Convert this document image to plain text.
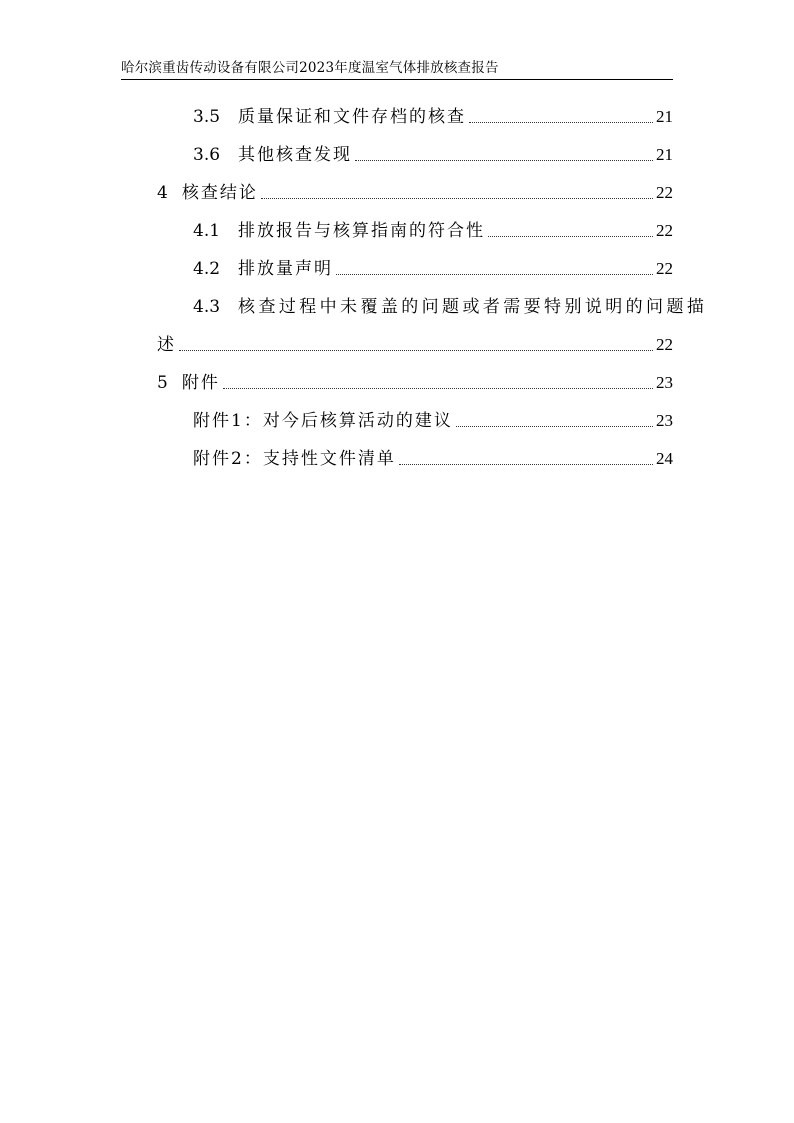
哈尔滨重齿传动设备有限公司2023年度温室气体排放核查报告
3.5 质量保证和文件存档的核查	21
3.6 其他核查发现	21
4 核查结论	22
4.1 排放报告与核算指南的符合性	22
4.2 排放量声明	22
4.3 核查过程中未覆盖的问题或者需要特别说明的问题描
述	22
5 附件	23
附件1：对今后核算活动的建议	23
附件2：支持性文件清单	24
